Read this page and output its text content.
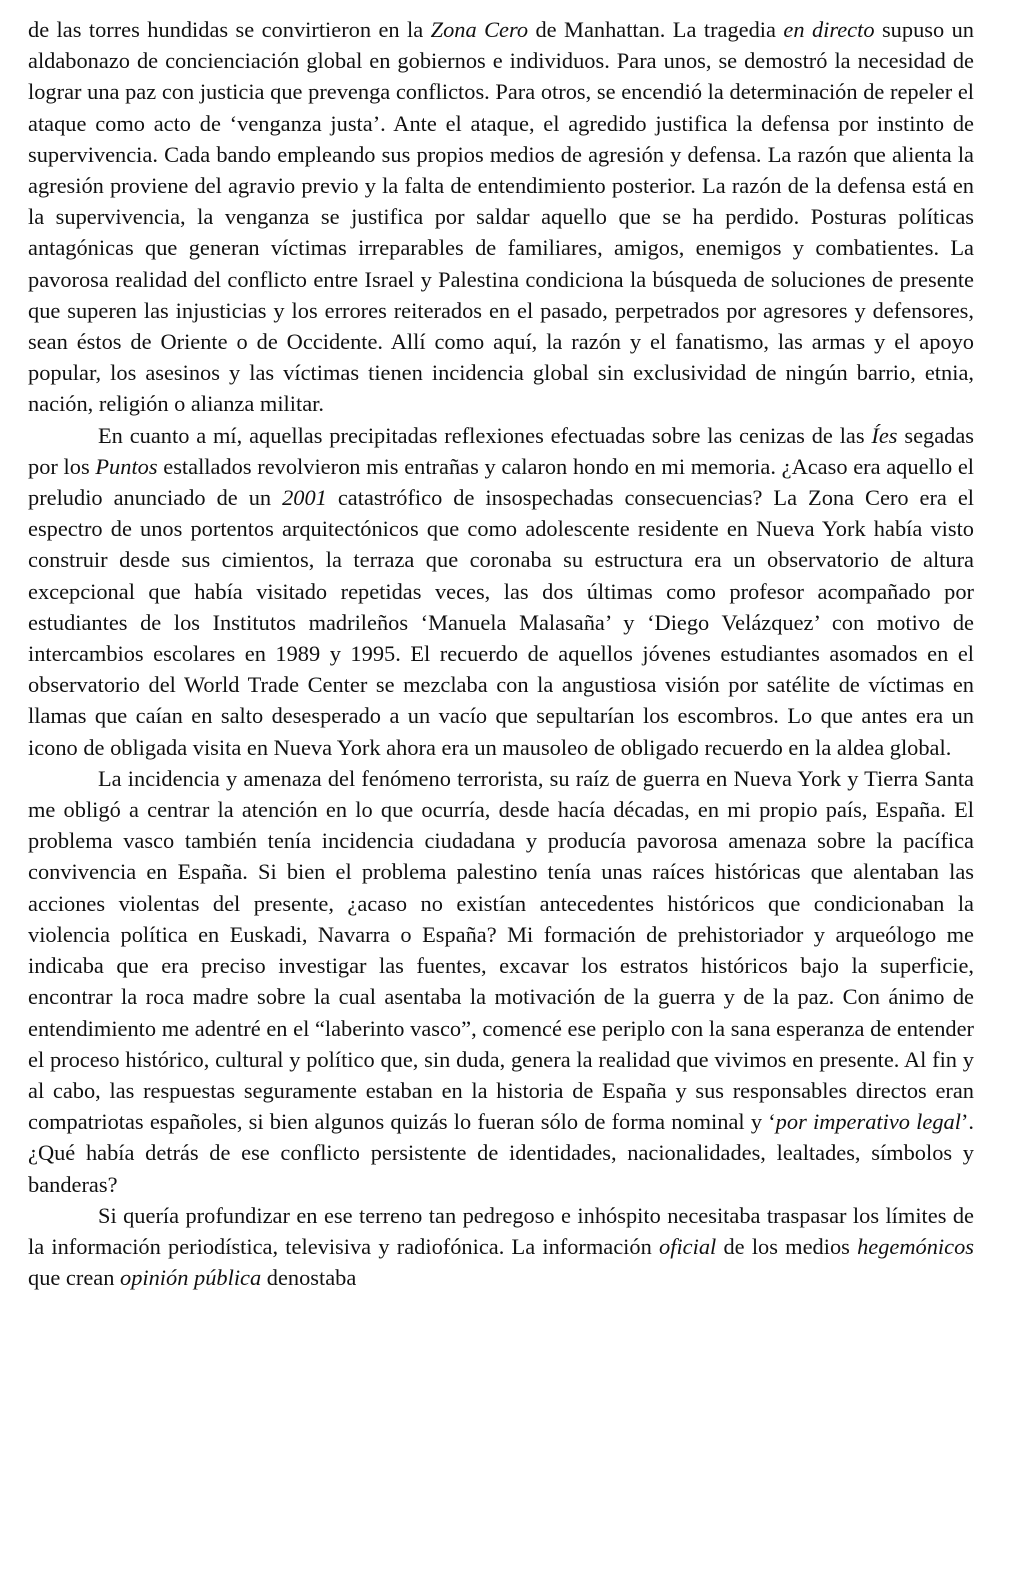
de las torres hundidas se convirtieron en la Zona Cero de Manhattan. La tragedia en directo supuso un aldabonazo de concienciación global en gobiernos e individuos. Para unos, se demostró la necesidad de lograr una paz con justicia que prevenga conflictos. Para otros, se encendió la determinación de repeler el ataque como acto de ‘venganza justa’. Ante el ataque, el agredido justifica la defensa por instinto de supervivencia. Cada bando empleando sus propios medios de agresión y defensa. La razón que alienta la agresión proviene del agravio previo y la falta de entendimiento posterior. La razón de la defensa está en la supervivencia, la venganza se justifica por saldar aquello que se ha perdido. Posturas políticas antagónicas que generan víctimas irreparables de familiares, amigos, enemigos y combatientes. La pavorosa realidad del conflicto entre Israel y Palestina condiciona la búsqueda de soluciones de presente que superen las injusticias y los errores reiterados en el pasado, perpetrados por agresores y defensores, sean éstos de Oriente o de Occidente. Allí como aquí, la razón y el fanatismo, las armas y el apoyo popular, los asesinos y las víctimas tienen incidencia global sin exclusividad de ningún barrio, etnia, nación, religión o alianza militar.

En cuanto a mí, aquellas precipitadas reflexiones efectuadas sobre las cenizas de las Íes segadas por los Puntos estallados revolvieron mis entrañas y calaron hondo en mi memoria. ¿Acaso era aquello el preludio anunciado de un 2001 catastrófico de insospechadas consecuencias? La Zona Cero era el espectro de unos portentos arquitectónicos que como adolescente residente en Nueva York había visto construir desde sus cimientos, la terraza que coronaba su estructura era un observatorio de altura excepcional que había visitado repetidas veces, las dos últimas como profesor acompañado por estudiantes de los Institutos madrileños ‘Manuela Malasaña’ y ‘Diego Velázquez’ con motivo de intercambios escolares en 1989 y 1995. El recuerdo de aquellos jóvenes estudiantes asomados en el observatorio del World Trade Center se mezclaba con la angustiosa visión por satélite de víctimas en llamas que caían en salto desesperado a un vacío que sepultarían los escombros. Lo que antes era un icono de obligada visita en Nueva York ahora era un mausoleo de obligado recuerdo en la aldea global.

La incidencia y amenaza del fenómeno terrorista, su raíz de guerra en Nueva York y Tierra Santa me obligó a centrar la atención en lo que ocurría, desde hacía décadas, en mi propio país, España. El problema vasco también tenía incidencia ciudadana y producía pavorosa amenaza sobre la pacífica convivencia en España. Si bien el problema palestino tenía unas raíces históricas que alentaban las acciones violentas del presente, ¿acaso no existían antecedentes históricos que condicionaban la violencia política en Euskadi, Navarra o España? Mi formación de prehistoriador y arqueólogo me indicaba que era preciso investigar las fuentes, excavar los estratos históricos bajo la superficie, encontrar la roca madre sobre la cual asentaba la motivación de la guerra y de la paz. Con ánimo de entendimiento me adentré en el “laberinto vasco”, comencé ese periplo con la sana esperanza de entender el proceso histórico, cultural y político que, sin duda, genera la realidad que vivimos en presente. Al fin y al cabo, las respuestas seguramente estaban en la historia de España y sus responsables directos eran compatriotas españoles, si bien algunos quizás lo fueran sólo de forma nominal y ‘por imperativo legal’. ¿Qué había detrás de ese conflicto persistente de identidades, nacionalidades, lealtades, símbolos y banderas?

Si quería profundizar en ese terreno tan pedregoso e inhóspito necesitaba traspasar los límites de la información periodística, televisiva y radiofónica. La información oficial de los medios hegemónicos que crean opinión pública denostaba
